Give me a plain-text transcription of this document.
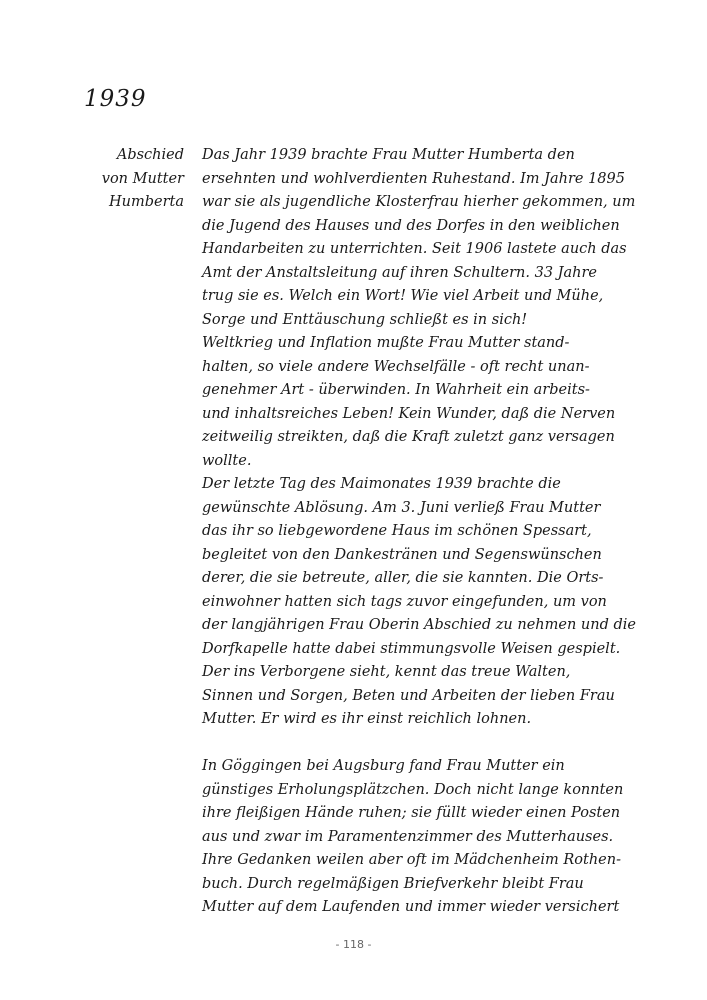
1939
Abschied
von Mutter
Humberta
Das Jahr 1939 brachte Frau Mutter Humberta den
ersehnten und wohlverdienten Ruhestand. Im Jahre 1895
war sie als jugendliche Klosterfrau hierher gekommen, um
die Jugend des Hauses und des Dorfes in den weiblichen
Handarbeiten zu unterrichten. Seit 1906 lastete auch das
Amt der Anstaltsleitung auf ihren Schultern. 33 Jahre
trug sie es. Welch ein Wort! Wie viel Arbeit und Mühe,
Sorge und Enttäuschung schließt es in sich!
Weltkrieg und Inflation mußte Frau Mutter stand-
halten, so viele andere Wechselfälle - oft recht unan-
genehmer Art - überwinden. In Wahrheit ein arbeits-
und inhaltsreiches Leben! Kein Wunder, daß die Nerven
zeitweilig streikten, daß die Kraft zuletzt ganz versagen
wollte.
Der letzte Tag des Maimonates 1939 brachte die
gewünschte Ablösung. Am 3. Juni verließ Frau Mutter
das ihr so liebgewordene Haus im schönen Spessart,
begleitet von den Dankestränen und Segenswünschen
derer, die sie betreute, aller, die sie kannten. Die Orts-
einwohner hatten sich tags zuvor eingefunden, um von
der langjährigen Frau Oberin Abschied zu nehmen und die
Dorfkapelle hatte dabei stimmungsvolle Weisen gespielt.
Der ins Verborgene sieht, kennt das treue Walten,
Sinnen und Sorgen, Beten und Arbeiten der lieben Frau
Mutter. Er wird es ihr einst reichlich lohnen.
In Göggingen bei Augsburg fand Frau Mutter ein
günstiges Erholungsplätzchen. Doch nicht lange konnten
ihre fleißigen Hände ruhen; sie füllt wieder einen Posten
aus und zwar im Paramentenzimmer des Mutterhauses.
Ihre Gedanken weilen aber oft im Mädchenheim Rothen-
buch. Durch regelmäßigen Briefverkehr bleibt Frau
Mutter auf dem Laufenden und immer wieder versichert
- 118 -
